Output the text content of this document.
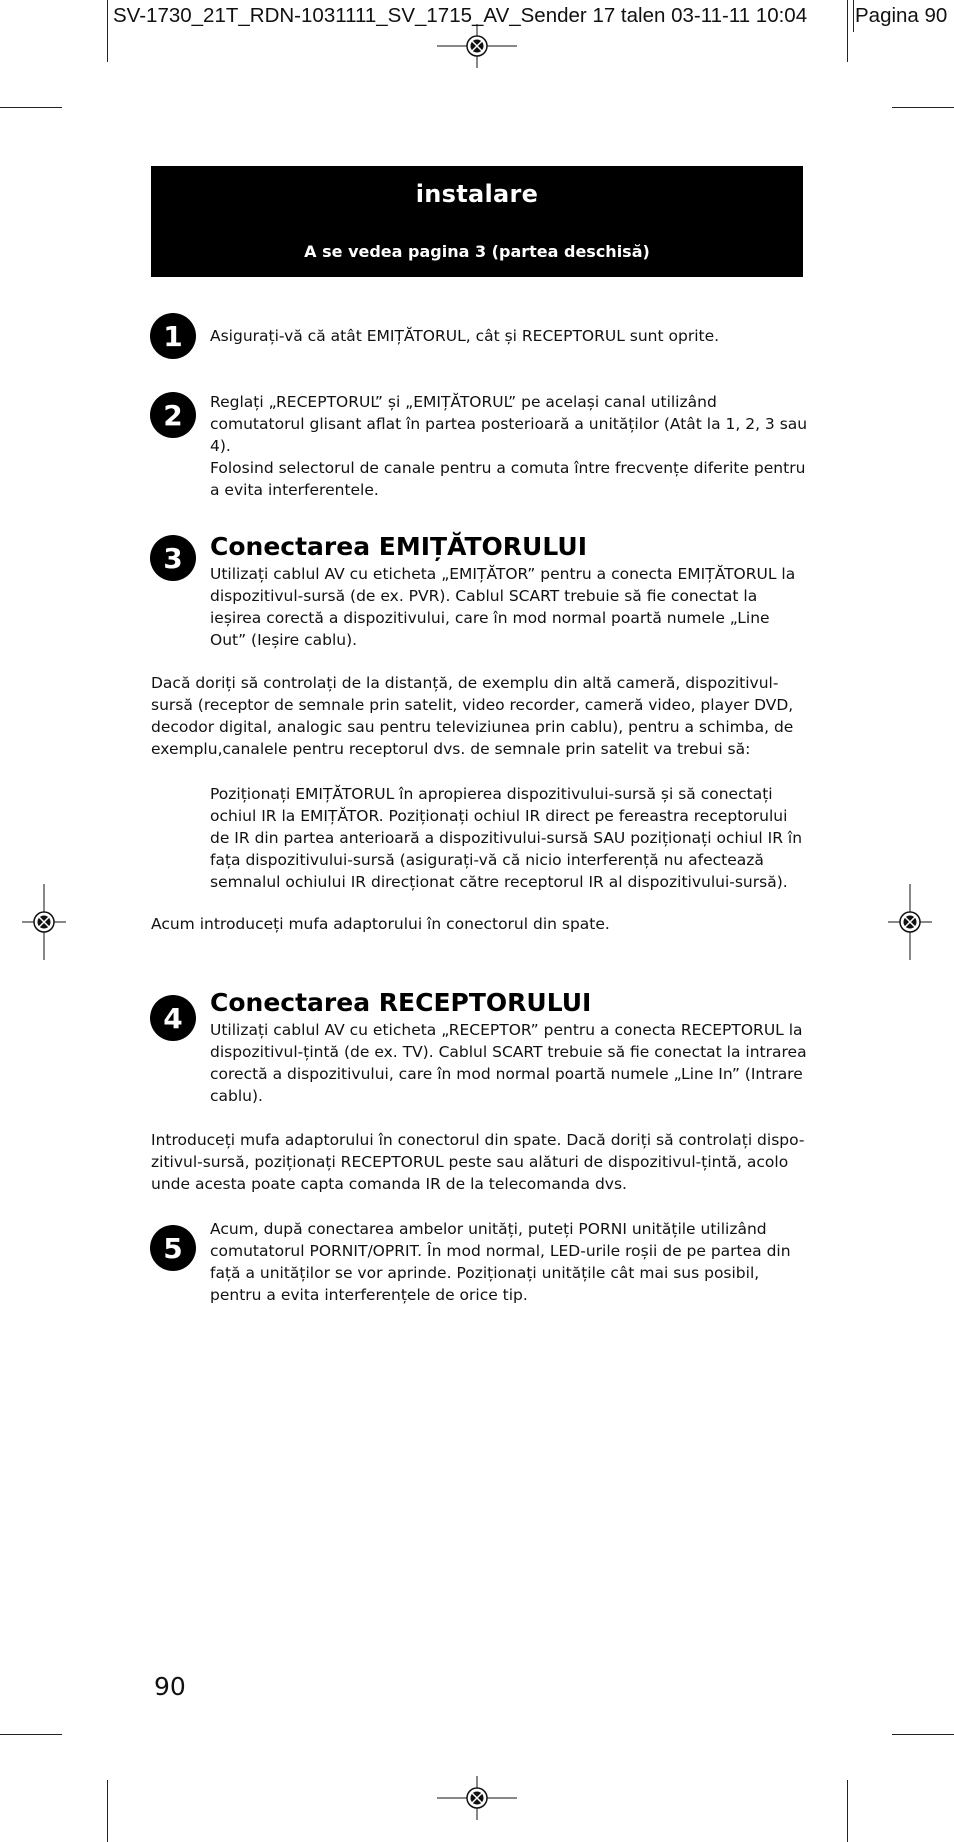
SV-1730_21T_RDN-1031111_SV_1715_AV_Sender 17 talen 03-11-11 10:04 Pagina 90
instalare
A se vedea pagina 3 (partea deschisă)
1 Asigurați-vă că atât EMIȚĂTORUL, cât și RECEPTORUL sunt oprite.
2 Reglați „RECEPTORUL” și „EMIȚĂTORUL” pe același canal utilizând comutatorul glisant aflat în partea posterioară a unităților (Atât la 1, 2, 3 sau 4).
Folosind selectorul de canale pentru a comuta între frecvențe diferite pentru a evita interferentele.
3 Conectarea EMIȚĂTORULUI
Utilizați cablul AV cu eticheta „EMIȚĂTOR” pentru a conecta EMIȚĂTORUL la dispozitivul-sursă (de ex. PVR). Cablul SCART trebuie să fie conectat la ieșirea corectă a dispozitivului, care în mod normal poartă numele „Line Out” (Ieșire cablu).
Dacă doriți să controlați de la distanță, de exemplu din altă cameră, dispozitivul-sursă (receptor de semnale prin satelit, video recorder, cameră video, player DVD, decodor digital, analogic sau pentru televiziunea prin cablu), pentru a schimba, de exemplu,canalele pentru receptorul dvs. de semnale prin satelit va trebui să:
Poziționați EMIȚĂTORUL în apropierea dispozitivului-sursă și să conectați ochiul IR la EMIȚĂTOR. Poziționați ochiul IR direct pe fereastra receptorului de IR din partea anterioară a dispozitivului-sursă SAU poziționați ochiul IR în fața dispozitivului-sursă (asigurați-vă că nicio interferență nu afectează semnalul ochiului IR direcționat către receptorul IR al dispozitivului-sursă).
Acum introduceți mufa adaptorului în conectorul din spate.
4 Conectarea RECEPTORULUI
Utilizați cablul AV cu eticheta „RECEPTOR” pentru a conecta RECEPTORUL la dispozitivul-țintă (de ex. TV). Cablul SCART trebuie să fie conectat la intrarea corectă a dispozitivului, care în mod normal poartă numele „Line In” (Intrare cablu).
Introduceți mufa adaptorului în conectorul din spate. Dacă doriți să controlați dispo-zitivul-sursă, poziționați RECEPTORUL peste sau alături de dispozitivul-țintă, acolo unde acesta poate capta comanda IR de la telecomanda dvs.
5
Acum, după conectarea ambelor unități, puteți PORNI unitățile utilizând comutatorul PORNIT/OPRIT. În mod normal, LED-urile roșii de pe partea din față a unităților se vor aprinde. Poziționați unitățile cât mai sus posibil, pentru a evita interferențele de orice tip.
90
